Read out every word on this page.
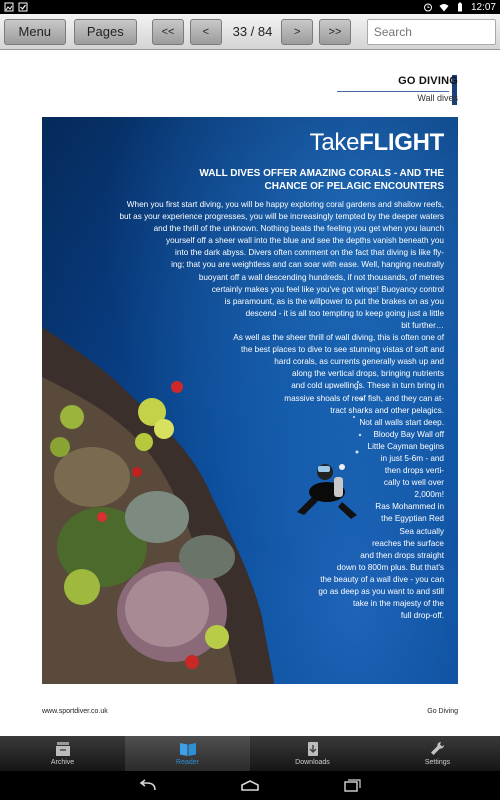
12:07
Menu	Pages	<<	<	33 / 84	>	>>
Search
GO DIVING
Wall dives
TakeFLIGHT
WALL DIVES OFFER AMAZING CORALS - AND THE CHANCE OF PELAGIC ENCOUNTERS
When you first start diving, you will be happy exploring coral gardens and shallow reefs,
but as your experience progresses, you will be increasingly tempted by the deeper waters
and the thrill of the unknown. Nothing beats the feeling you get when you launch
yourself off a sheer wall into the blue and see the depths vanish beneath you
into the dark abyss. Divers often comment on the fact that diving is like fly-
ing; that you are weightless and can soar with ease. Well, hanging neutrally
buoyant off a wall descending hundreds, if not thousands, of metres
certainly makes you feel like you've got wings! Buoyancy control
is paramount, as is the willpower to put the brakes on as you
descend - it is all too tempting to keep going just a little
bit further…
As well as the sheer thrill of wall diving, this is often one of
the best places to dive to see stunning vistas of soft and
hard corals, as currents generally wash up and
along the vertical drops, bringing nutrients
and cold upwellings. These in turn bring in
massive shoals of reef fish, and they can at-
tract sharks and other pelagics.
Not all walls start deep.
Bloody Bay Wall off
Little Cayman begins
in just 5-6m - and
then drops verti-
cally to well over
2,000m!
Ras Mohammed in
the Egyptian Red
Sea actually
reaches the surface
and then drops straight
down to 800m plus. But that's
the beauty of a wall dive - you can
go as deep as you want to and still
take in the majesty of the
full drop-off.
www.sportdiver.co.uk	Go Diving
Archive	Reader	Downloads	Settings
